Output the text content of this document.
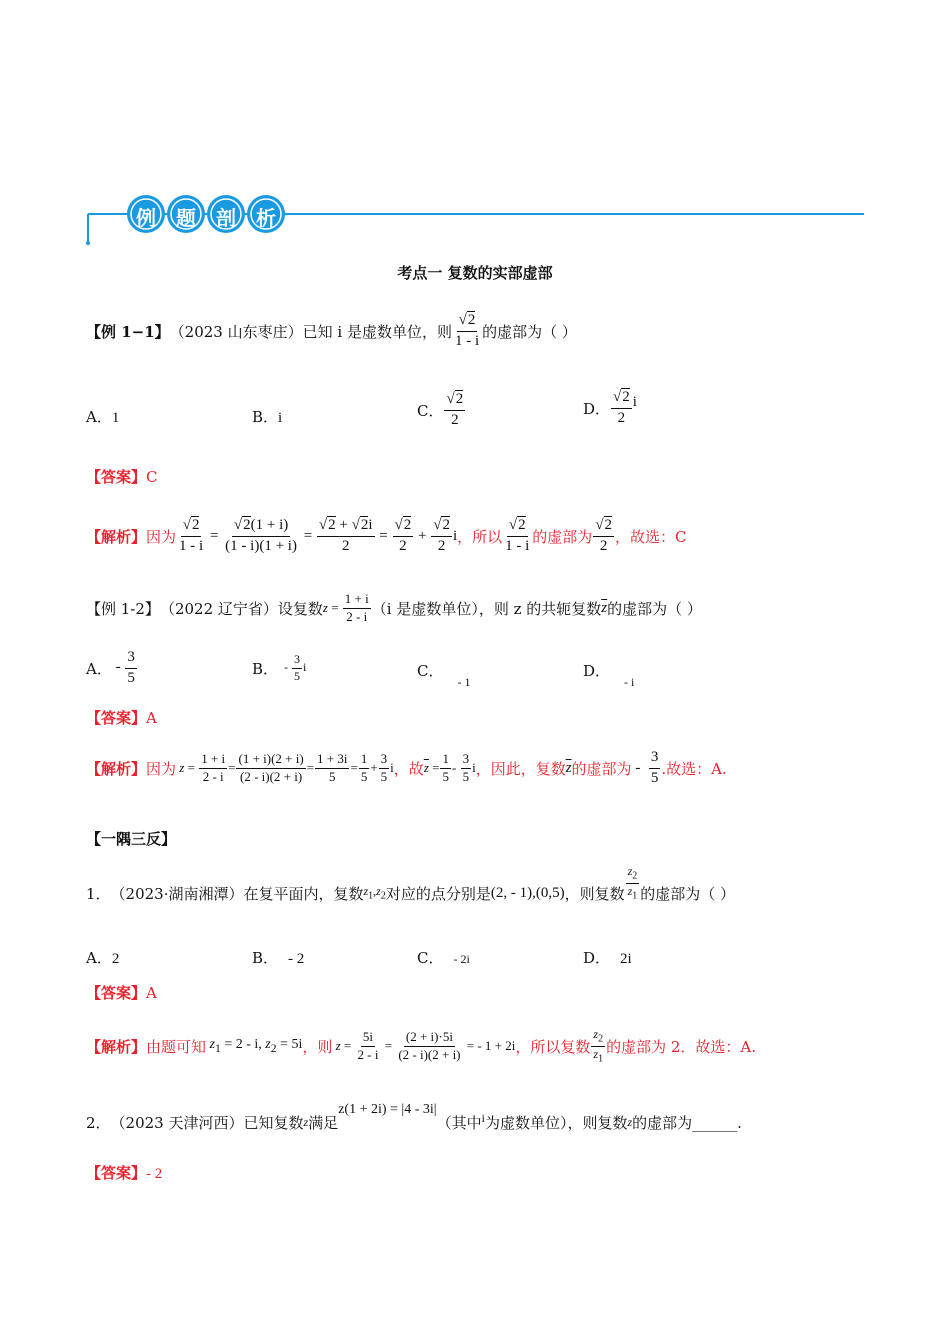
例 题 剖 析
考点一 复数的实部虚部
【例 1−1】 （2023 山东枣庄）已知 i 是虚数单位，则 $\frac{√2}{1 - i}$ 的虚部为（ ）
A．1	B．i	C． $\frac{√2}{2}$	D． $\frac{√2}{2}$ i
【答案】C
【解析】 因为 $\frac{√2}{1 - i} = \frac{√2(1 + i)}{(1 - i)(1 + i)} = \frac{√2 + √2i}{2} = \frac{√2}{2} + \frac{√2}{2}$ i ，所以 $\frac{√2}{1 - i}$ 的虚部为 $\frac{√2}{2}$ ，故选：C
【例 1-2】 （2022 辽宁省）设复数 $z = \frac{1 + i}{2 - i} (i$ 是虚数单位），则 z 的共轭复数 $\overline{z}$ 的虚部为（ ）
A． - $\frac{3}{5}$	B． - $\frac{3}{5}$ i	C．$_{- 1}$
D．$_{- i}$
【答案】A
【解析】 因为
$z = \frac{1 + i}{2 - i} = \frac{(1 + i)(2 + i)}{(2 - i)(2 + i)} = \frac{1 + 3i}{5} = \frac{1}{5} + \frac{3}{5}$ i ，故 $\overline{z} = \frac{1}{5} - \frac{3}{5}$ i ，因此，复数 $\overline{z}$ 的虚部为 - $\frac{3}{5}$ .故选：A.
【一隅三反】
1． （2023·湖南湘潭）在复平面内，复数 $z_1,z_2$ 对应的点分别是 (2, - 1),(0,5) ，则复数 $\frac{z_2}{z_1}$ 的虚部为（ ）
A．2	B． - 2	C． - 2i	D． 2i
【答案】A
【解析】 由题可知 $z_1 = 2 - i$, $z_2 = 5i$ ，则
$z = \frac{5i}{2 - i} = \frac{(2 + i)\cdot 5i}{(2 - i)(2 + i)}$ = - 1 + 2i ，所以复数 $\frac{z_2}{z_1}$ 的虚部为 2．故选：A.
2． （2023 天津河西）已知复数 z 满足
z(1 + 2i) = |4 - 3i|
（其中 i 为虚数单位），则复数 z 的虚部为______.
【答案】- 2
